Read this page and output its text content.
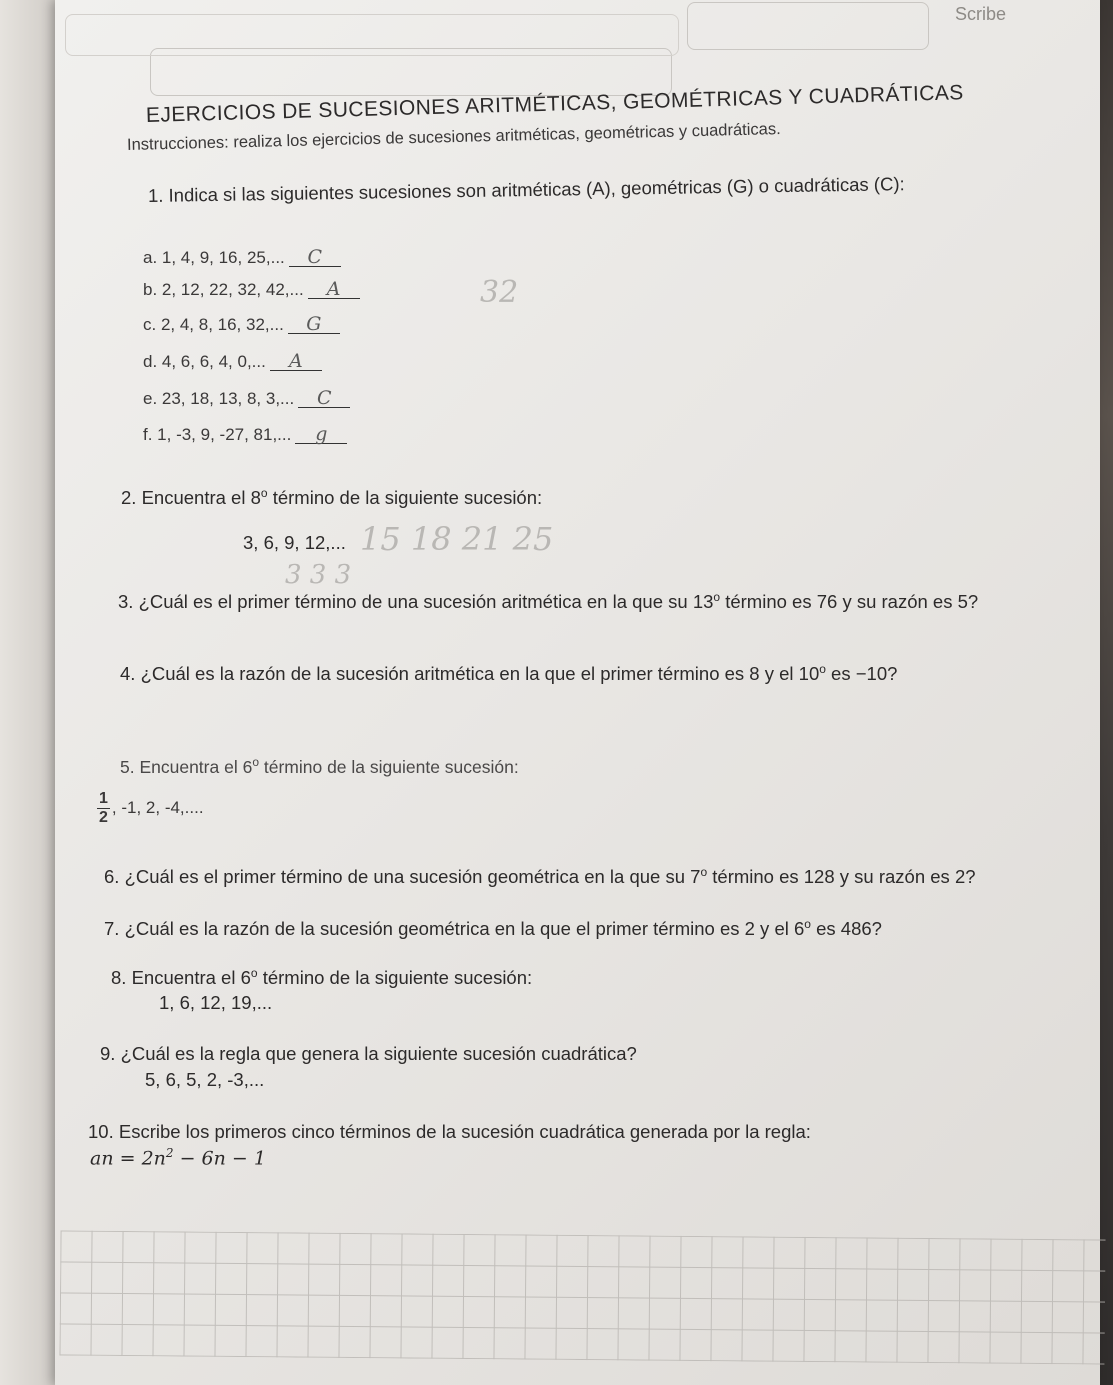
Scribe
EJERCICIOS DE SUCESIONES ARITMÉTICAS, GEOMÉTRICAS Y CUADRÁTICAS
Instrucciones: realiza los ejercicios de sucesiones aritméticas, geométricas y cuadráticas.
1. Indica si las siguientes sucesiones son aritméticas (A), geométricas (G) o cuadráticas (C):
a. 1, 4, 9, 16, 25,... C
b. 2, 12, 22, 32, 42,... A
c. 2, 4, 8, 16, 32,... G
d. 4, 6, 6, 4, 0,... A
e. 23, 18, 13, 8, 3,... C
f. 1, -3, 9, -27, 81,... g
32
2. Encuentra el 8$^o$ término de la siguiente sucesión:
3, 6, 9, 12,... 15 18 21 25
3 3 3
3. ¿Cuál es el primer término de una sucesión aritmética en la que su 13$^o$ término es 76 y su razón es 5?
4. ¿Cuál es la razón de la sucesión aritmética en la que el primer término es 8 y el 10$^o$ es −10?
5. Encuentra el 6$^o$ término de la siguiente sucesión:
$\frac{1}{2}$ , -1, 2, -4,....
6. ¿Cuál es el primer término de una sucesión geométrica en la que su 7$^o$ término es 128 y su razón es 2?
7. ¿Cuál es la razón de la sucesión geométrica en la que el primer término es 2 y el 6$^o$ es 486?
8. Encuentra el 6$^o$ término de la siguiente sucesión:
1, 6, 12, 19,...
9. ¿Cuál es la regla que genera la siguiente sucesión cuadrática?
5, 6, 5, 2, -3,...
10. Escribe los primeros cinco términos de la sucesión cuadrática generada por la regla:
an = $2n^2 - 6n - 1$
